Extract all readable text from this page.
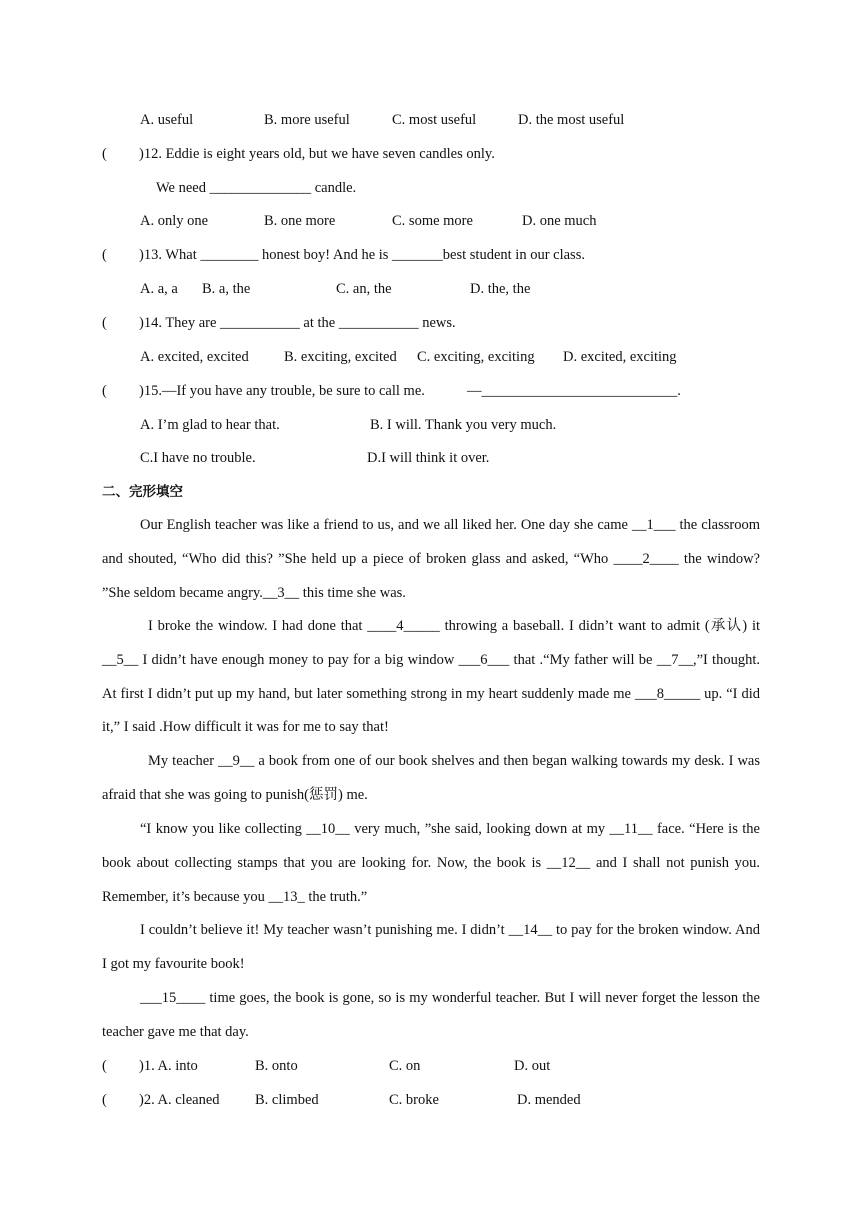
A. useful	B. more useful	C. most useful	D. the most useful
( )12. Eddie is eight years old, but we have seven candles only.
We need ______________ candle.
A. only one	B. one more	C. some more	D. one much
( )13. What ________ honest boy! And he is _______best student in our class.
A. a, a B. a, the	C. an, the	D. the, the
( )14. They are ___________ at the ___________ news.
A. excited, excited B. exciting, excited C. exciting, exciting D. excited, exciting
( )15.—If you have any trouble, be sure to call me.	—___________________________.
A. I’m glad to hear that.	B. I will. Thank you very much.
C.I have no trouble.	D.I will think it over.
二、完形填空
Our English teacher was like a friend to us, and we all liked her. One day she came __1___ the classroom and shouted, “Who did this? ”She held up a piece of broken glass and asked, “Who ____2____ the window? ”She seldom became angry.__3__ this time she was.
I broke the window. I had done that ____4_____ throwing a baseball. I didn’t want to admit (承认) it __5__ I didn’t have enough money to pay for a big window ___6___ that .“My father will be __7__,”I thought. At first I didn’t put up my hand, but later something strong in my heart suddenly made me ___8_____ up. “I did it,” I said .How difficult it was for me to say that!
My teacher __9__ a book from one of our book shelves and then began walking towards my desk. I was afraid that she was going to punish(惩罚) me.
“I know you like collecting __10__ very much, ”she said, looking down at my __11__ face. “Here is the book about collecting stamps that you are looking for. Now, the book is __12__ and I shall not punish you. Remember, it’s because you __13_ the truth.”
I couldn’t believe it! My teacher wasn’t punishing me. I didn’t __14__ to pay for the broken window. And I got my favourite book!
___15____ time goes, the book is gone, so is my wonderful teacher. But I will never forget the lesson the teacher gave me that day.
( )1. A. into	B. onto	C. on	D. out
( )2. A. cleaned B. climbed	C. broke	D. mended
